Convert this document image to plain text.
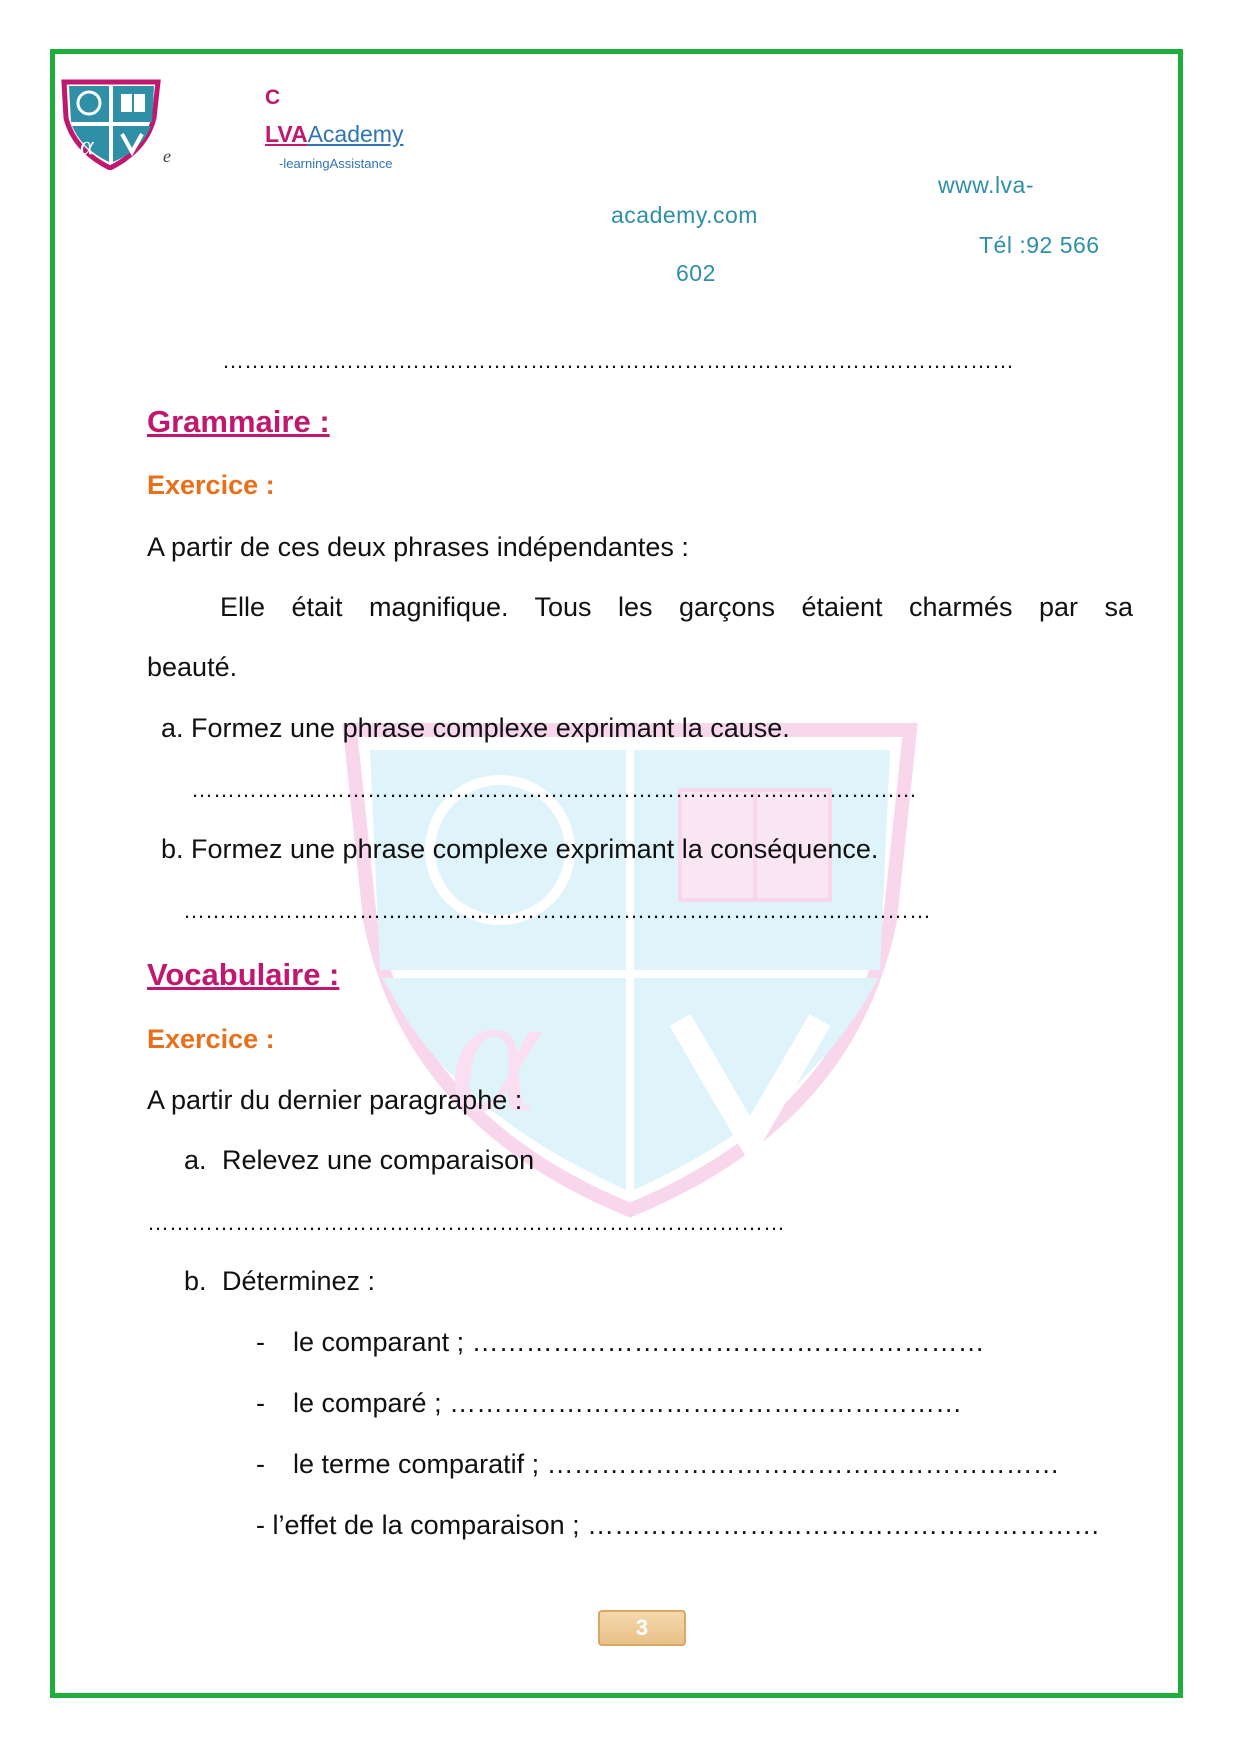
α	e
C
LVAAcademy
-learningAssistance
www.lva-
academy.com
Tél :92 566
602
α
………………………………………………………………………………………………
Grammaire :
Exercice :
A partir de ces deux phrases indépendantes :
Elle était magnifique. Tous les garçons étaient charmés par sa
beauté.
a. Formez une phrase complexe exprimant la cause.
………………………………………………………………………………………
b. Formez une phrase complexe exprimant la conséquence.
…………………………………………………………………………………………
Vocabulaire :
Exercice :
A partir du dernier paragraphe :
a. Relevez une comparaison
……………………………………………………………………………
b. Déterminez :
- le comparant ; …………………………………………………
- le comparé ; …………………………………………………
- le terme comparatif ; …………………………………………………
- l’effet de la comparaison ; …………………………………………………
3
